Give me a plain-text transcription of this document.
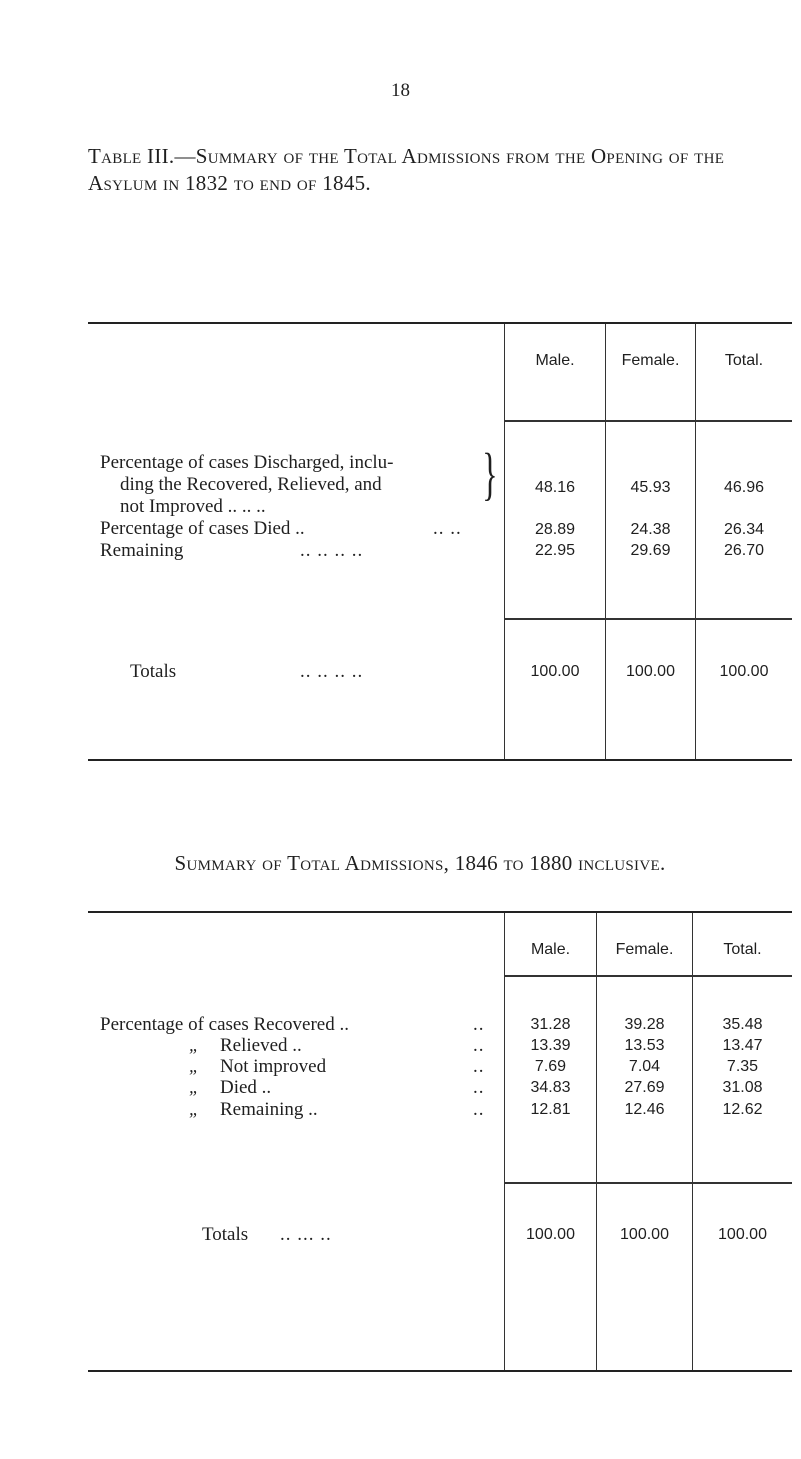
18
Table III.—Summary of the Total Admissions from the Opening of the Asylum in 1832 to end of 1845.
Male.	Female.	Total.
Percentage of cases Discharged, inclu-
ding the Recovered, Relieved, and
not Improved .. .. ..
}	48.16	45.93	46.96
Percentage of cases Died ..	.. ..	28.89	24.38	26.34
Remaining	.. .. .. ..	22.95	29.69	26.70
Totals	.. .. .. ..	100.00	100.00	100.00
Summary of Total Admissions, 1846 to 1880 inclusive.
Male.	Female.	Total.
Percentage of cases Recovered ..	..	31.28	39.28	35.48
„ Relieved ..	..	13.39	13.53	13.47
„ Not improved	..	7.69	7.04	7.35
„ Died ..	..	34.83	27.69	31.08
„ Remaining ..	..	12.81	12.46	12.62
Totals .. ... ..	100.00	100.00	100.00
